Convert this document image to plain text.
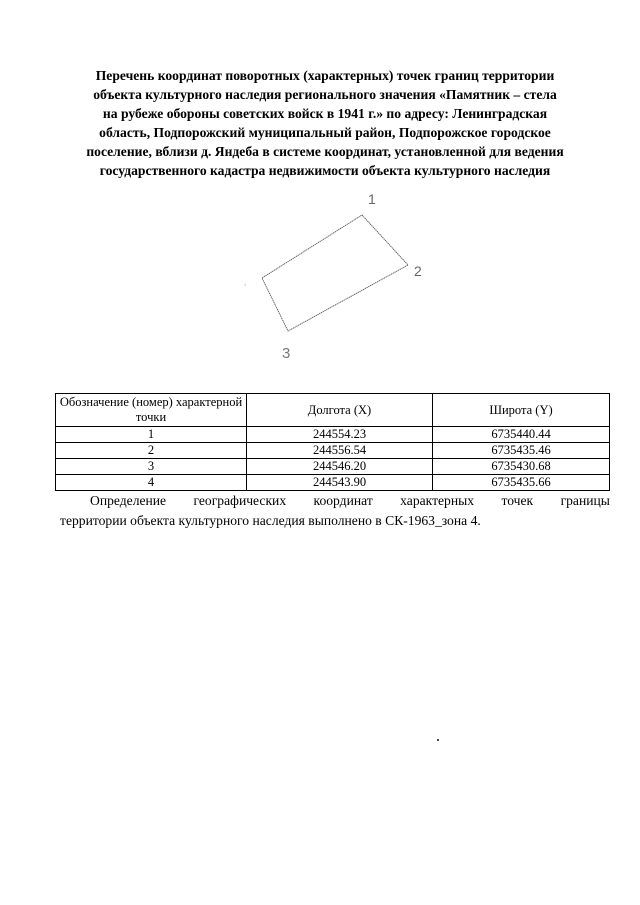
Перечень координат поворотных (характерных) точек границ территории
объекта культурного наследия регионального значения «Памятник – стела
на рубеже обороны советских войск в 1941 г.» по адресу: Ленинградская
область, Подпорожский муниципальный район, Подпорожское городское
поселение, вблизи д. Яндеба в системе координат, установленной для ведения
государственного кадастра недвижимости объекта культурного наследия
1
2
3
4
Обозначение (номер) характерной точки	Долгота (X)	Широта (Y)
1	244554.23	6735440.44
2	244556.54	6735435.46
3	244546.20	6735430.68
4	244543.90	6735435.66
Определение географических координат характерных точек границы
территории объекта культурного наследия выполнено в СК-1963_зона 4.
